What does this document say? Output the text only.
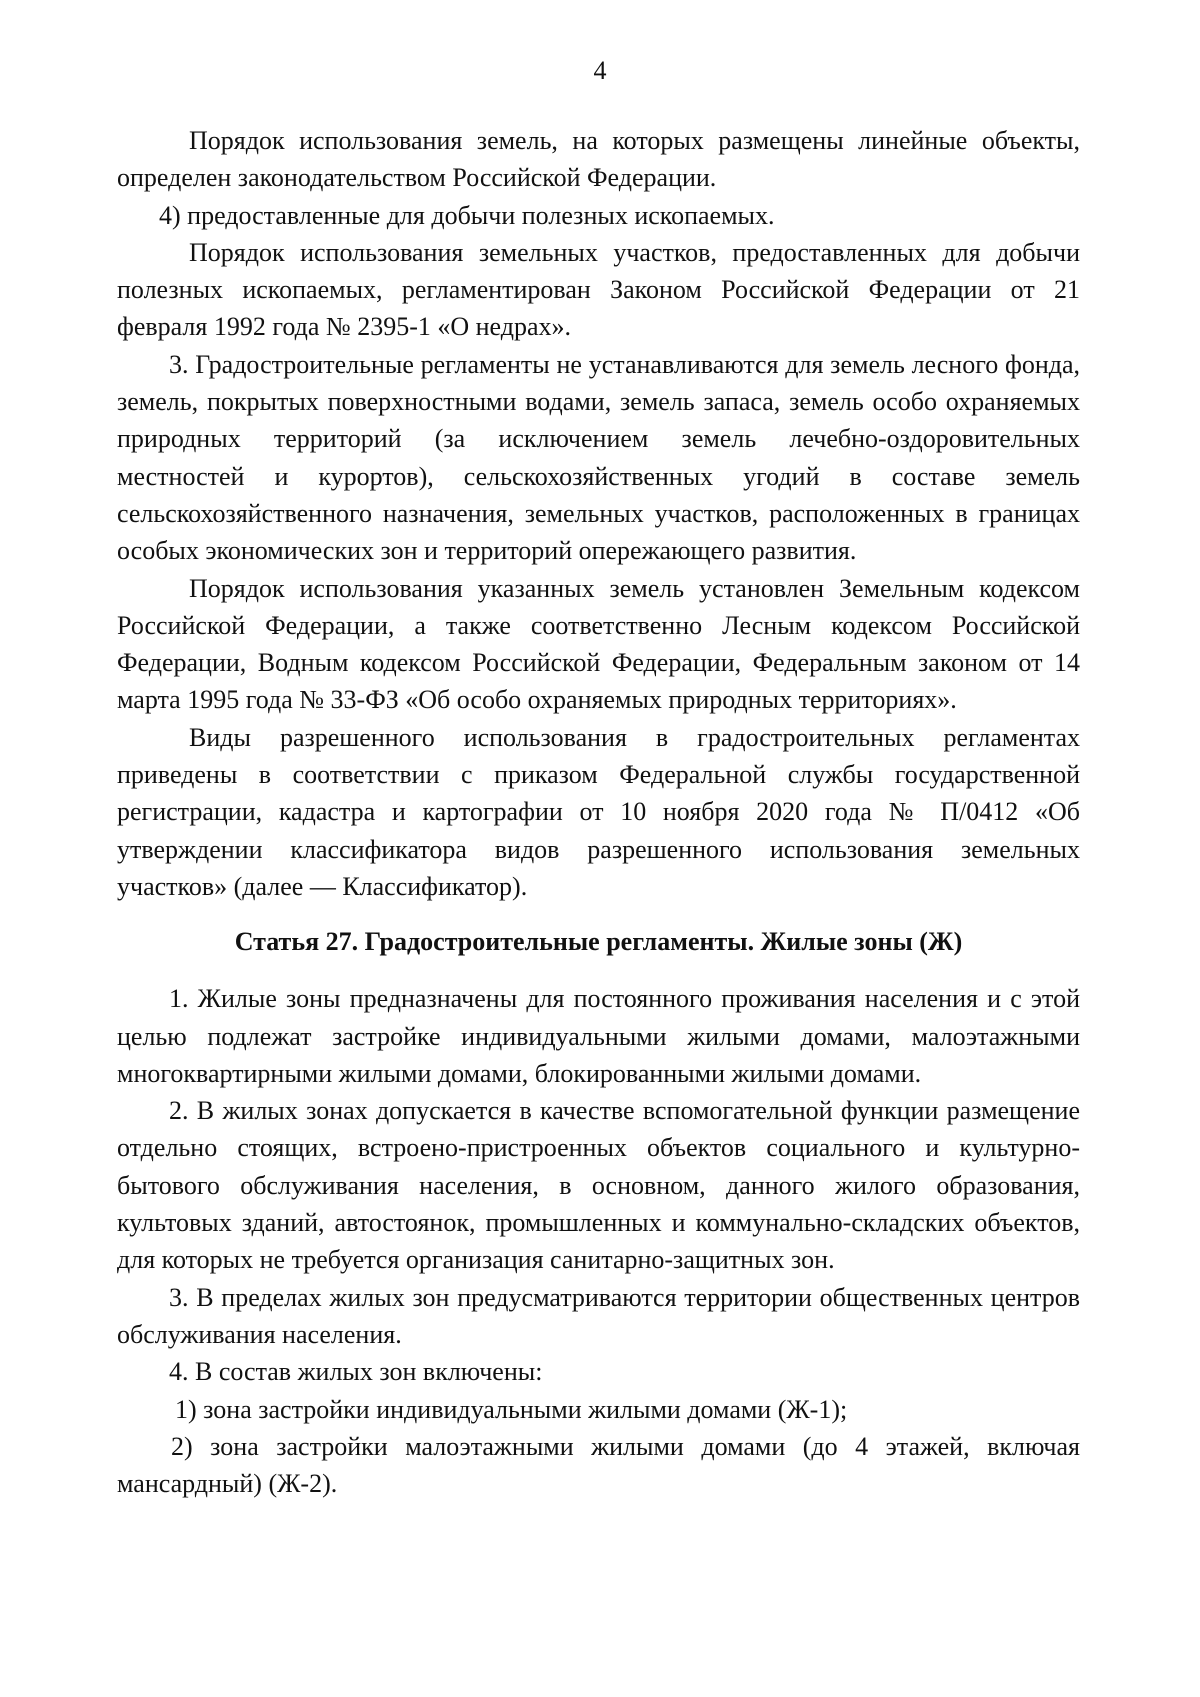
4

Порядок использования земель, на которых размещены линейные объекты, определен законодательством Российской Федерации.

4) предоставленные для добычи полезных ископаемых.

Порядок использования земельных участков, предоставленных для добычи полезных ископаемых, регламентирован Законом Российской Федерации от 21 февраля 1992 года № 2395-1 «О недрах».

3. Градостроительные регламенты не устанавливаются для земель лесного фонда, земель, покрытых поверхностными водами, земель запаса, земель особо охраняемых природных территорий (за исключением земель лечебно-оздоровительных местностей и курортов), сельскохозяйственных угодий в составе земель сельскохозяйственного назначения, земельных участков, расположенных в границах особых экономических зон и территорий опережающего развития.

Порядок использования указанных земель установлен Земельным кодексом Российской Федерации, а также соответственно Лесным кодексом Российской Федерации, Водным кодексом Российской Федерации, Федеральным законом от 14 марта 1995 года № 33-ФЗ «Об особо охраняемых природных территориях».

Виды разрешенного использования в градостроительных регламентах приведены в соответствии с приказом Федеральной службы государственной регистрации, кадастра и картографии от 10 ноября 2020 года № П/0412 «Об утверждении классификатора видов разрешенного использования земельных участков» (далее — Классификатор).

Статья 27. Градостроительные регламенты. Жилые зоны (Ж)

1. Жилые зоны предназначены для постоянного проживания населения и с этой целью подлежат застройке индивидуальными жилыми домами, малоэтажными многоквартирными жилыми домами, блокированными жилыми домами.

2. В жилых зонах допускается в качестве вспомогательной функции размещение отдельно стоящих, встроено-пристроенных объектов социального и культурно-бытового обслуживания населения, в основном, данного жилого образования, культовых зданий, автостоянок, промышленных и коммунально-складских объектов, для которых не требуется организация санитарно-защитных зон.

3. В пределах жилых зон предусматриваются территории общественных центров обслуживания населения.

4. В состав жилых зон включены:

1) зона застройки индивидуальными жилыми домами (Ж-1);

2) зона застройки малоэтажными жилыми домами (до 4 этажей, включая мансардный) (Ж-2).
